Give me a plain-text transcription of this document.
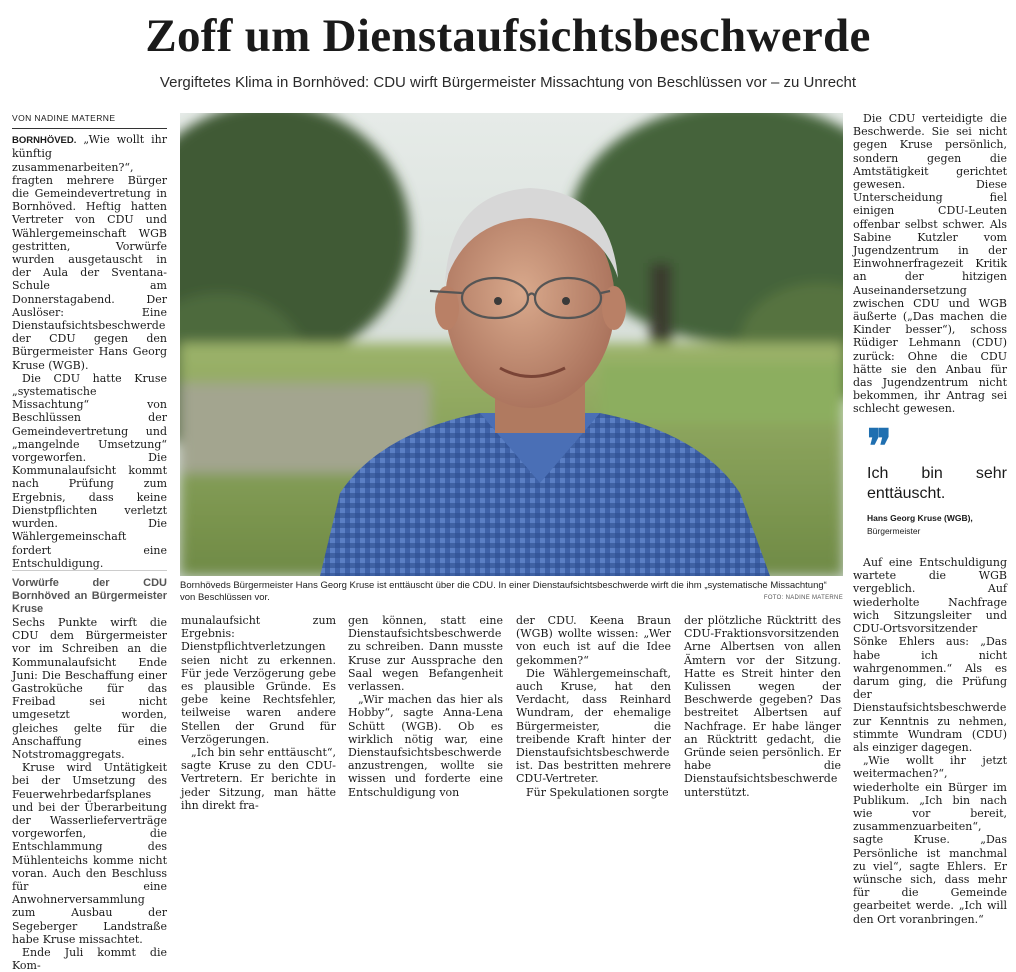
Zoff um Dienstaufsichtsbeschwerde
Vergiftetes Klima in Bornhöved: CDU wirft Bürgermeister Missachtung von Beschlüssen vor – zu Unrecht
VON NADINE MATERNE

BORNHÖVED. „Wie wollt ihr künftig zusammenarbeiten?“, fragten mehrere Bürger die Gemeindevertretung in Bornhöved. Heftig hatten Vertreter von CDU und Wählergemeinschaft WGB gestritten, Vorwürfe wurden ausgetauscht in der Aula der Sventana-Schule am Donnerstagabend. Der Auslöser: Eine Dienstaufsichtsbeschwerde der CDU gegen den Bürgermeister Hans Georg Kruse (WGB).

Die CDU hatte Kruse „systematische Missachtung“ von Beschlüssen der Gemeindevertretung und „mangelnde Umsetzung“ vorgeworfen. Die Kommunalaufsicht kommt nach Prüfung zum Ergebnis, dass keine Dienstpflichten verletzt wurden. Die Wählergemeinschaft fordert eine Entschuldigung.

Vorwürfe der CDU Bornhöved an Bürgermeister Kruse

Sechs Punkte wirft die CDU dem Bürgermeister vor im Schreiben an die Kommunalaufsicht Ende Juni: Die Beschaffung einer Gastroküche für das Freibad sei nicht umgesetzt worden, gleiches gelte für die Anschaffung eines Notstromaggregats.

Kruse wird Untätigkeit bei der Umsetzung des Feuerwehrbedarfsplanes und bei der Überarbeitung der Wasserlieferverträge vorgeworfen, die Entschlammung des Mühlenteichs komme nicht voran. Auch den Beschluss für eine Anwohnerversammlung zum Ausbau der Segeberger Landstraße habe Kruse missachtet.

Ende Juli kommt die Kom-

Bornhöveds Bürgermeister Hans Georg Kruse ist enttäuscht über die CDU. In einer Dienstaufsichtsbeschwerde wirft die ihm „systematische Missachtung“ von Beschlüssen vor.	FOTO: NADINE MATERNE

munalaufsicht zum Ergebnis: Dienstpflichtverletzungen seien nicht zu erkennen. Für jede Verzögerung gebe es plausible Gründe. Es gebe keine Rechtsfehler, teilweise waren andere Stellen der Grund für Verzögerungen.

„Ich bin sehr enttäuscht“, sagte Kruse zu den CDU-Vertretern. Er berichte in jeder Sitzung, man hätte ihn direkt fra-

gen können, statt eine Dienstaufsichtsbeschwerde zu schreiben. Dann musste Kruse zur Aussprache den Saal wegen Befangenheit verlassen.

„Wir machen das hier als Hobby“, sagte Anna-Lena Schütt (WGB). Ob es wirklich nötig war, eine Dienstaufsichtsbeschwerde anzustrengen, wollte sie wissen und forderte eine Entschuldigung von

der CDU. Keena Braun (WGB) wollte wissen: „Wer von euch ist auf die Idee gekommen?“

Die Wählergemeinschaft, auch Kruse, hat den Verdacht, dass Reinhard Wundram, der ehemalige Bürgermeister, die treibende Kraft hinter der Dienstaufsichtsbeschwerde ist. Das bestritten mehrere CDU-Vertreter.

Für Spekulationen sorgte

der plötzliche Rücktritt des CDU-Fraktionsvorsitzenden Arne Albertsen von allen Ämtern vor der Sitzung. Hatte es Streit hinter den Kulissen wegen der Beschwerde gegeben? Das bestreitet Albertsen auf Nachfrage. Er habe länger an Rücktritt gedacht, die Gründe seien persönlich. Er habe die Dienstaufsichtsbeschwerde unterstützt.

Die CDU verteidigte die Beschwerde. Sie sei nicht gegen Kruse persönlich, sondern gegen die Amtstätigkeit gerichtet gewesen. Diese Unterscheidung fiel einigen CDU-Leuten offenbar selbst schwer. Als Sabine Kutzler vom Jugendzentrum in der Einwohnerfragezeit Kritik an der hitzigen Auseinandersetzung zwischen CDU und WGB äußerte („Das machen die Kinder besser“), schoss Rüdiger Lehmann (CDU) zurück: Ohne die CDU hätte sie den Anbau für das Jugendzentrum nicht bekommen, ihr Antrag sei schlecht gewesen.

❞
Ich bin sehr enttäuscht.
Hans Georg Kruse (WGB),
Bürgermeister

Auf eine Entschuldigung wartete die WGB vergeblich. Auf wiederholte Nachfrage wich Sitzungsleiter und CDU-Ortsvorsitzender Sönke Ehlers aus: „Das habe ich nicht wahrgenommen.“ Als es darum ging, die Prüfung der Dienstaufsichtsbeschwerde zur Kenntnis zu nehmen, stimmte Wundram (CDU) als einziger dagegen.

„Wie wollt ihr jetzt weitermachen?“, wiederholte ein Bürger im Publikum. „Ich bin nach wie vor bereit, zusammenzuarbeiten“, sagte Kruse. „Das Persönliche ist manchmal zu viel“, sagte Ehlers. Er wünsche sich, dass mehr für die Gemeinde gearbeitet werde. „Ich will den Ort voranbringen.“
